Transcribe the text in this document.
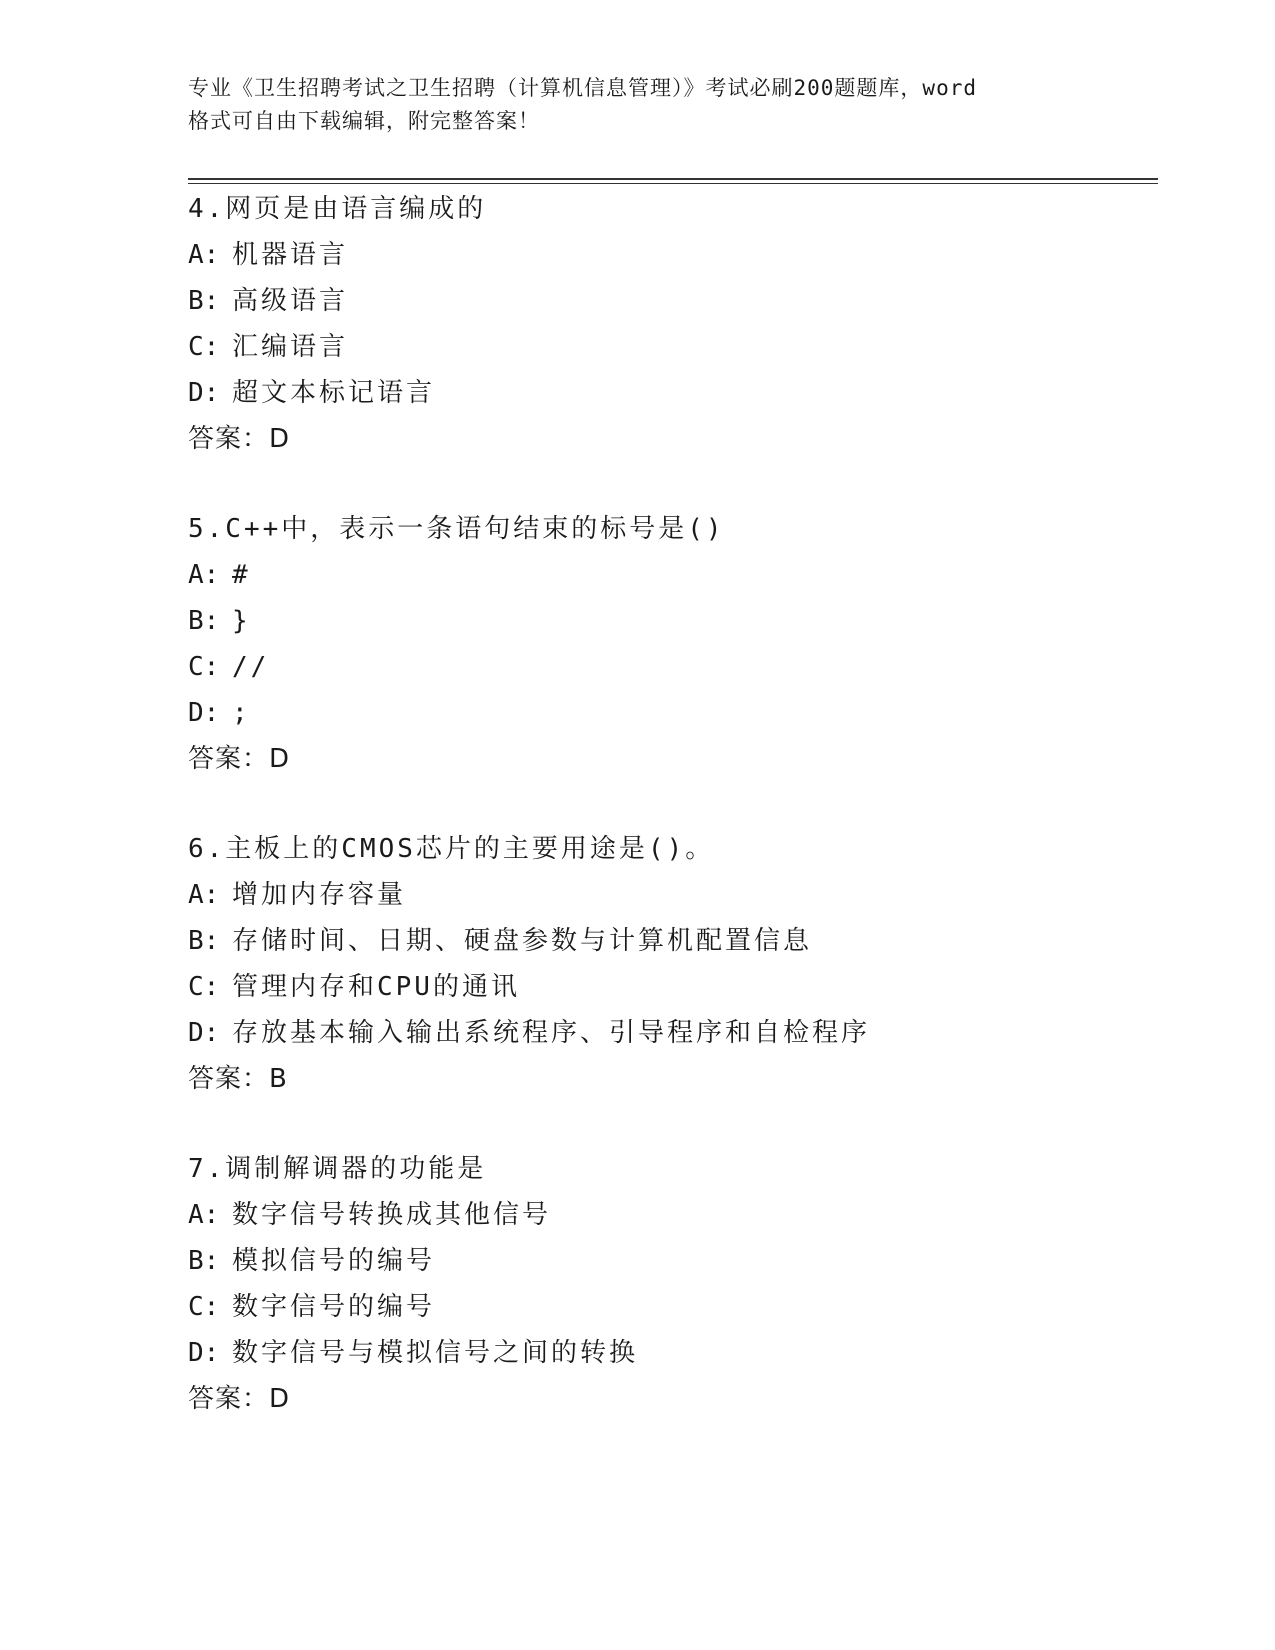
专业《卫生招聘考试之卫生招聘（计算机信息管理）》考试必刷200题题库，word
格式可自由下载编辑，附完整答案！
4.网页是由语言编成的
A: 机器语言
B: 高级语言
C: 汇编语言
D: 超文本标记语言
答案：D
5.C++中，表示一条语句结束的标号是()
A: #
B: }
C: //
D: ;
答案：D
6.主板上的CMOS芯片的主要用途是()。
A: 增加内存容量
B: 存储时间、日期、硬盘参数与计算机配置信息
C: 管理内存和CPU的通讯
D: 存放基本输入输出系统程序、引导程序和自检程序
答案：B
7.调制解调器的功能是
A: 数字信号转换成其他信号
B: 模拟信号的编号
C: 数字信号的编号
D: 数字信号与模拟信号之间的转换
答案：D
